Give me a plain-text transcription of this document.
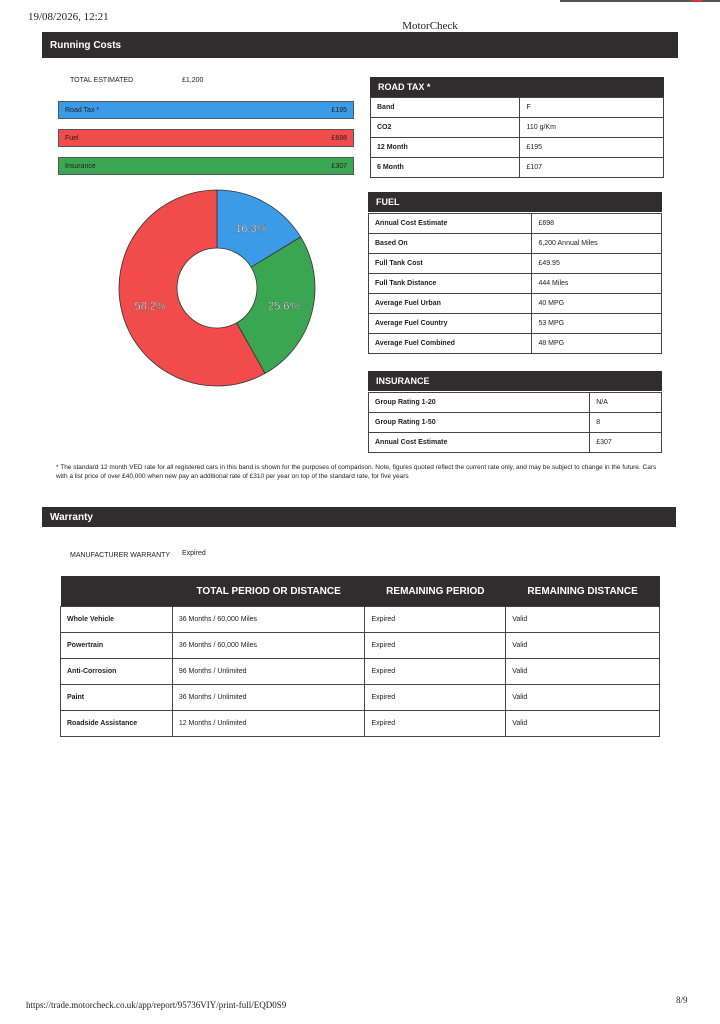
19/08/2026, 12:21
MotorCheck
Running Costs
TOTAL ESTIMATED	£1,200
Road Tax *	£195
Fuel	£698
Insurance	£307
16.3%
25.6%
58.2%
ROAD TAX *
Band	F
CO2	110 g/Km
12 Month	£195
6 Month	£107
FUEL
Annual Cost Estimate	£698
Based On	6,200 Annual Miles
Full Tank Cost	£49.95
Full Tank Distance	444 Miles
Average Fuel Urban	40 MPG
Average Fuel Country	53 MPG
Average Fuel Combined	48 MPG
INSURANCE
Group Rating 1-20	N/A
Group Rating 1-50	8
Annual Cost Estimate	£307
* The standard 12 month VED rate for all registered cars in this band is shown for the purposes of comparison. Note, figures quoted reflect the current rate only, and may be subject to change in the future. Cars with a list price of over £40,000 when new pay an additional rate of £310 per year on top of the standard rate, for five years
Warranty
MANUFACTURER WARRANTY Expired
	TOTAL PERIOD OR DISTANCE	REMAINING PERIOD	REMAINING DISTANCE
Whole Vehicle	36 Months / 60,000 Miles	Expired	Valid
Powertrain	36 Months / 60,000 Miles	Expired	Valid
Anti-Corrosion	96 Months / Unlimited	Expired	Valid
Paint	36 Months / Unlimited	Expired	Valid
Roadside Assistance	12 Months / Unlimited	Expired	Valid
https://trade.motorcheck.co.uk/app/report/95736VIY/print-full/EQD0S9	8/9
